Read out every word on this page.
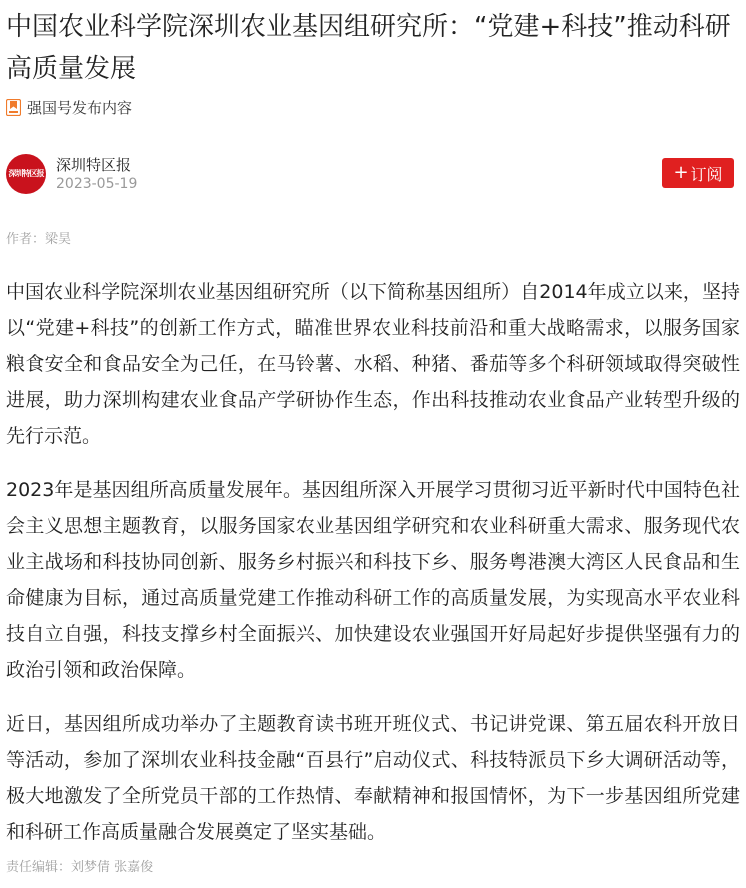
中国农业科学院深圳农业基因组研究所：“党建+科技”推动科研高质量发展
强国号发布内容
深圳特区报 深圳特区报
2023-05-19
+ 订阅
作者：梁昊

中国农业科学院深圳农业基因组研究所（以下简称基因组所）自2014年成立以来，坚持以“党建+科技”的创新工作方式，瞄准世界农业科技前沿和重大战略需求，以服务国家粮食安全和食品安全为己任，在马铃薯、水稻、种猪、番茄等多个科研领域取得突破性进展，助力深圳构建农业食品产学研协作生态，作出科技推动农业食品产业转型升级的先行示范。

2023年是基因组所高质量发展年。基因组所深入开展学习贯彻习近平新时代中国特色社会主义思想主题教育，以服务国家农业基因组学研究和农业科研重大需求、服务现代农业主战场和科技协同创新、服务乡村振兴和科技下乡、服务粤港澳大湾区人民食品和生命健康为目标，通过高质量党建工作推动科研工作的高质量发展，为实现高水平农业科技自立自强，科技支撑乡村全面振兴、加快建设农业强国开好局起好步提供坚强有力的政治引领和政治保障。

近日，基因组所成功举办了主题教育读书班开班仪式、书记讲党课、第五届农科开放日等活动，参加了深圳农业科技金融“百县行”启动仪式、科技特派员下乡大调研活动等，极大地激发了全所党员干部的工作热情、奉献精神和报国情怀，为下一步基因组所党建和科研工作高质量融合发展奠定了坚实基础。

责任编辑：刘梦倩 张嘉俊
